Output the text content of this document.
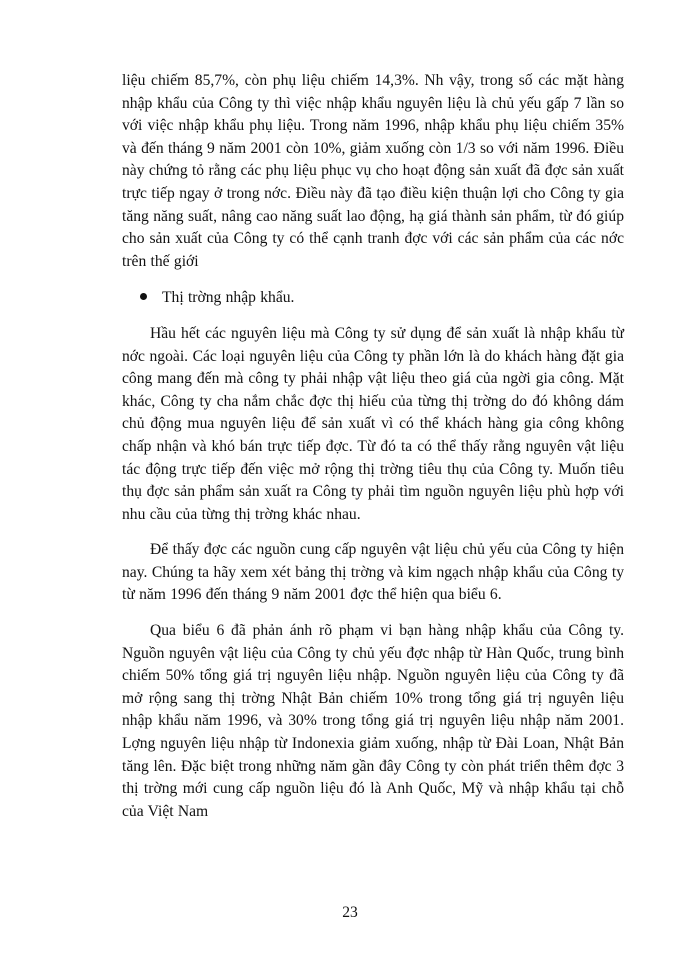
liệu chiếm 85,7%, còn phụ liệu chiếm 14,3%. Nh vậy, trong số các mặt hàng nhập khẩu của Công ty thì việc nhập khẩu nguyên liệu là chủ yếu gấp 7 lần so với việc nhập khẩu phụ liệu. Trong năm 1996, nhập khẩu phụ liệu chiếm 35% và đến tháng 9 năm 2001 còn 10%, giảm xuống còn 1/3 so với năm 1996. Điều này chứng tỏ rằng các phụ liệu phục vụ cho hoạt động sản xuất đã đợc sản xuất trực tiếp ngay ở trong nớc. Điều này đã tạo điều kiện thuận lợi cho Công ty gia tăng năng suất, nâng cao năng suất lao động, hạ giá thành sản phẩm, từ đó giúp cho sản xuất của Công ty có thể cạnh tranh đợc với các sản phẩm của các nớc trên thế giới

Thị trờng nhập khẩu.

Hầu hết các nguyên liệu mà Công ty sử dụng để sản xuất là nhập khẩu từ nớc ngoài. Các loại nguyên liệu của Công ty phần lớn là do khách hàng đặt gia công mang đến mà công ty phải nhập vật liệu theo giá của ngời gia công. Mặt khác, Công ty cha nắm chắc đợc thị hiếu của từng thị trờng do đó không dám chủ động mua nguyên liệu để sản xuất vì có thể khách hàng gia công không chấp nhận và khó bán trực tiếp đợc. Từ đó ta có thể thấy rằng nguyên vật liệu tác động trực tiếp đến việc mở rộng thị trờng tiêu thụ của Công ty. Muốn tiêu thụ đợc sản phẩm sản xuất ra Công ty phải tìm nguồn nguyên liệu phù hợp với nhu cầu của từng thị trờng khác nhau.

Để thấy đợc các nguồn cung cấp nguyên vật liệu chủ yếu của Công ty hiện nay. Chúng ta hãy xem xét bảng thị trờng và kim ngạch nhập khẩu của Công ty từ năm 1996 đến tháng 9 năm 2001 đợc thể hiện qua biểu 6.

Qua biểu 6 đã phản ánh rõ phạm vi bạn hàng nhập khẩu của Công ty. Nguồn nguyên vật liệu của Công ty chủ yếu đợc nhập từ Hàn Quốc, trung bình chiếm 50% tổng giá trị nguyên liệu nhập. Nguồn nguyên liệu của Công ty đã mở rộng sang thị trờng Nhật Bản chiếm 10% trong tổng giá trị nguyên liệu nhập khẩu năm 1996, và 30% trong tổng giá trị nguyên liệu nhập năm 2001. Lợng nguyên liệu nhập từ Indonexia giảm xuống, nhập từ Đài Loan, Nhật Bản tăng lên. Đặc biệt trong những năm gần đây Công ty còn phát triển thêm đợc 3 thị trờng mới cung cấp nguồn liệu đó là Anh Quốc, Mỹ và nhập khẩu tại chỗ của Việt Nam

23
